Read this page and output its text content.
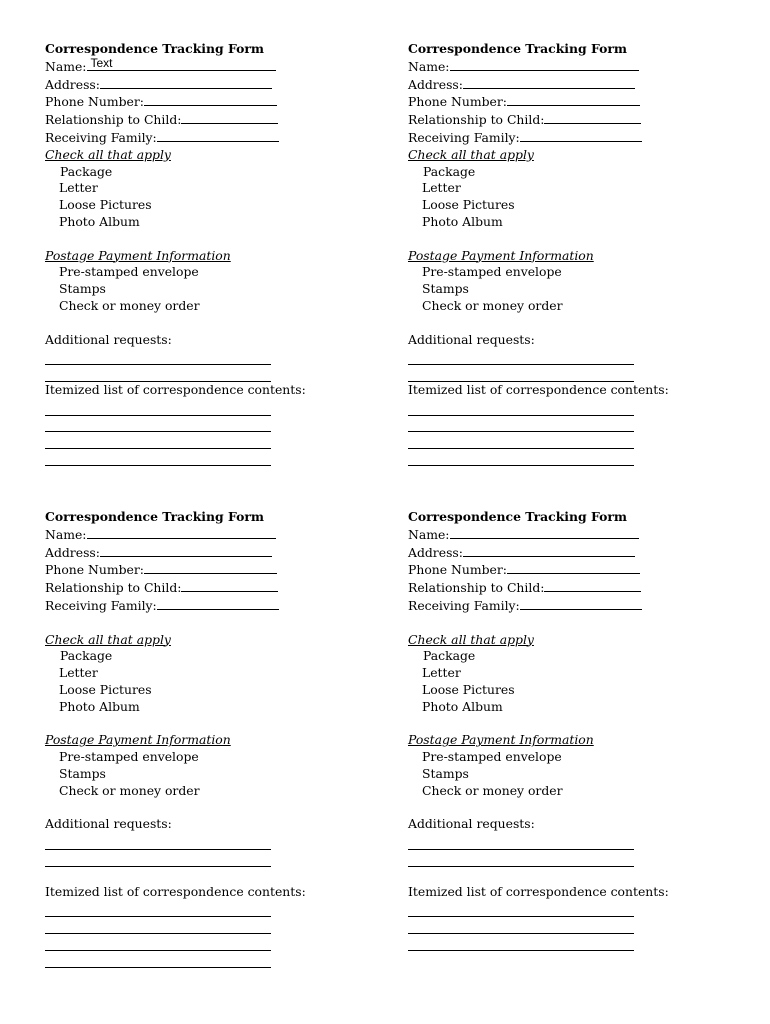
Correspondence Tracking Form
Name: Text
Address:
Phone Number:
Relationship to Child:
Receiving Family:
Check all that apply
Package
Letter
Loose Pictures
Photo Album
Postage Payment Information
Pre-stamped envelope
Stamps
Check or money order
Additional requests:
Itemized list of correspondence contents:
Correspondence Tracking Form
Name:
Address:
Phone Number:
Relationship to Child:
Receiving Family:
Check all that apply
Package
Letter
Loose Pictures
Photo Album
Postage Payment Information
Pre-stamped envelope
Stamps
Check or money order
Additional requests:
Itemized list of correspondence contents:
Correspondence Tracking Form
Name:
Address:
Phone Number:
Relationship to Child:
Receiving Family:
Check all that apply
Package
Letter
Loose Pictures
Photo Album
Postage Payment Information
Pre-stamped envelope
Stamps
Check or money order
Additional requests:
Itemized list of correspondence contents:
Correspondence Tracking Form
Name:
Address:
Phone Number:
Relationship to Child:
Receiving Family:
Check all that apply
Package
Letter
Loose Pictures
Photo Album
Postage Payment Information
Pre-stamped envelope
Stamps
Check or money order
Additional requests:
Itemized list of correspondence contents:
